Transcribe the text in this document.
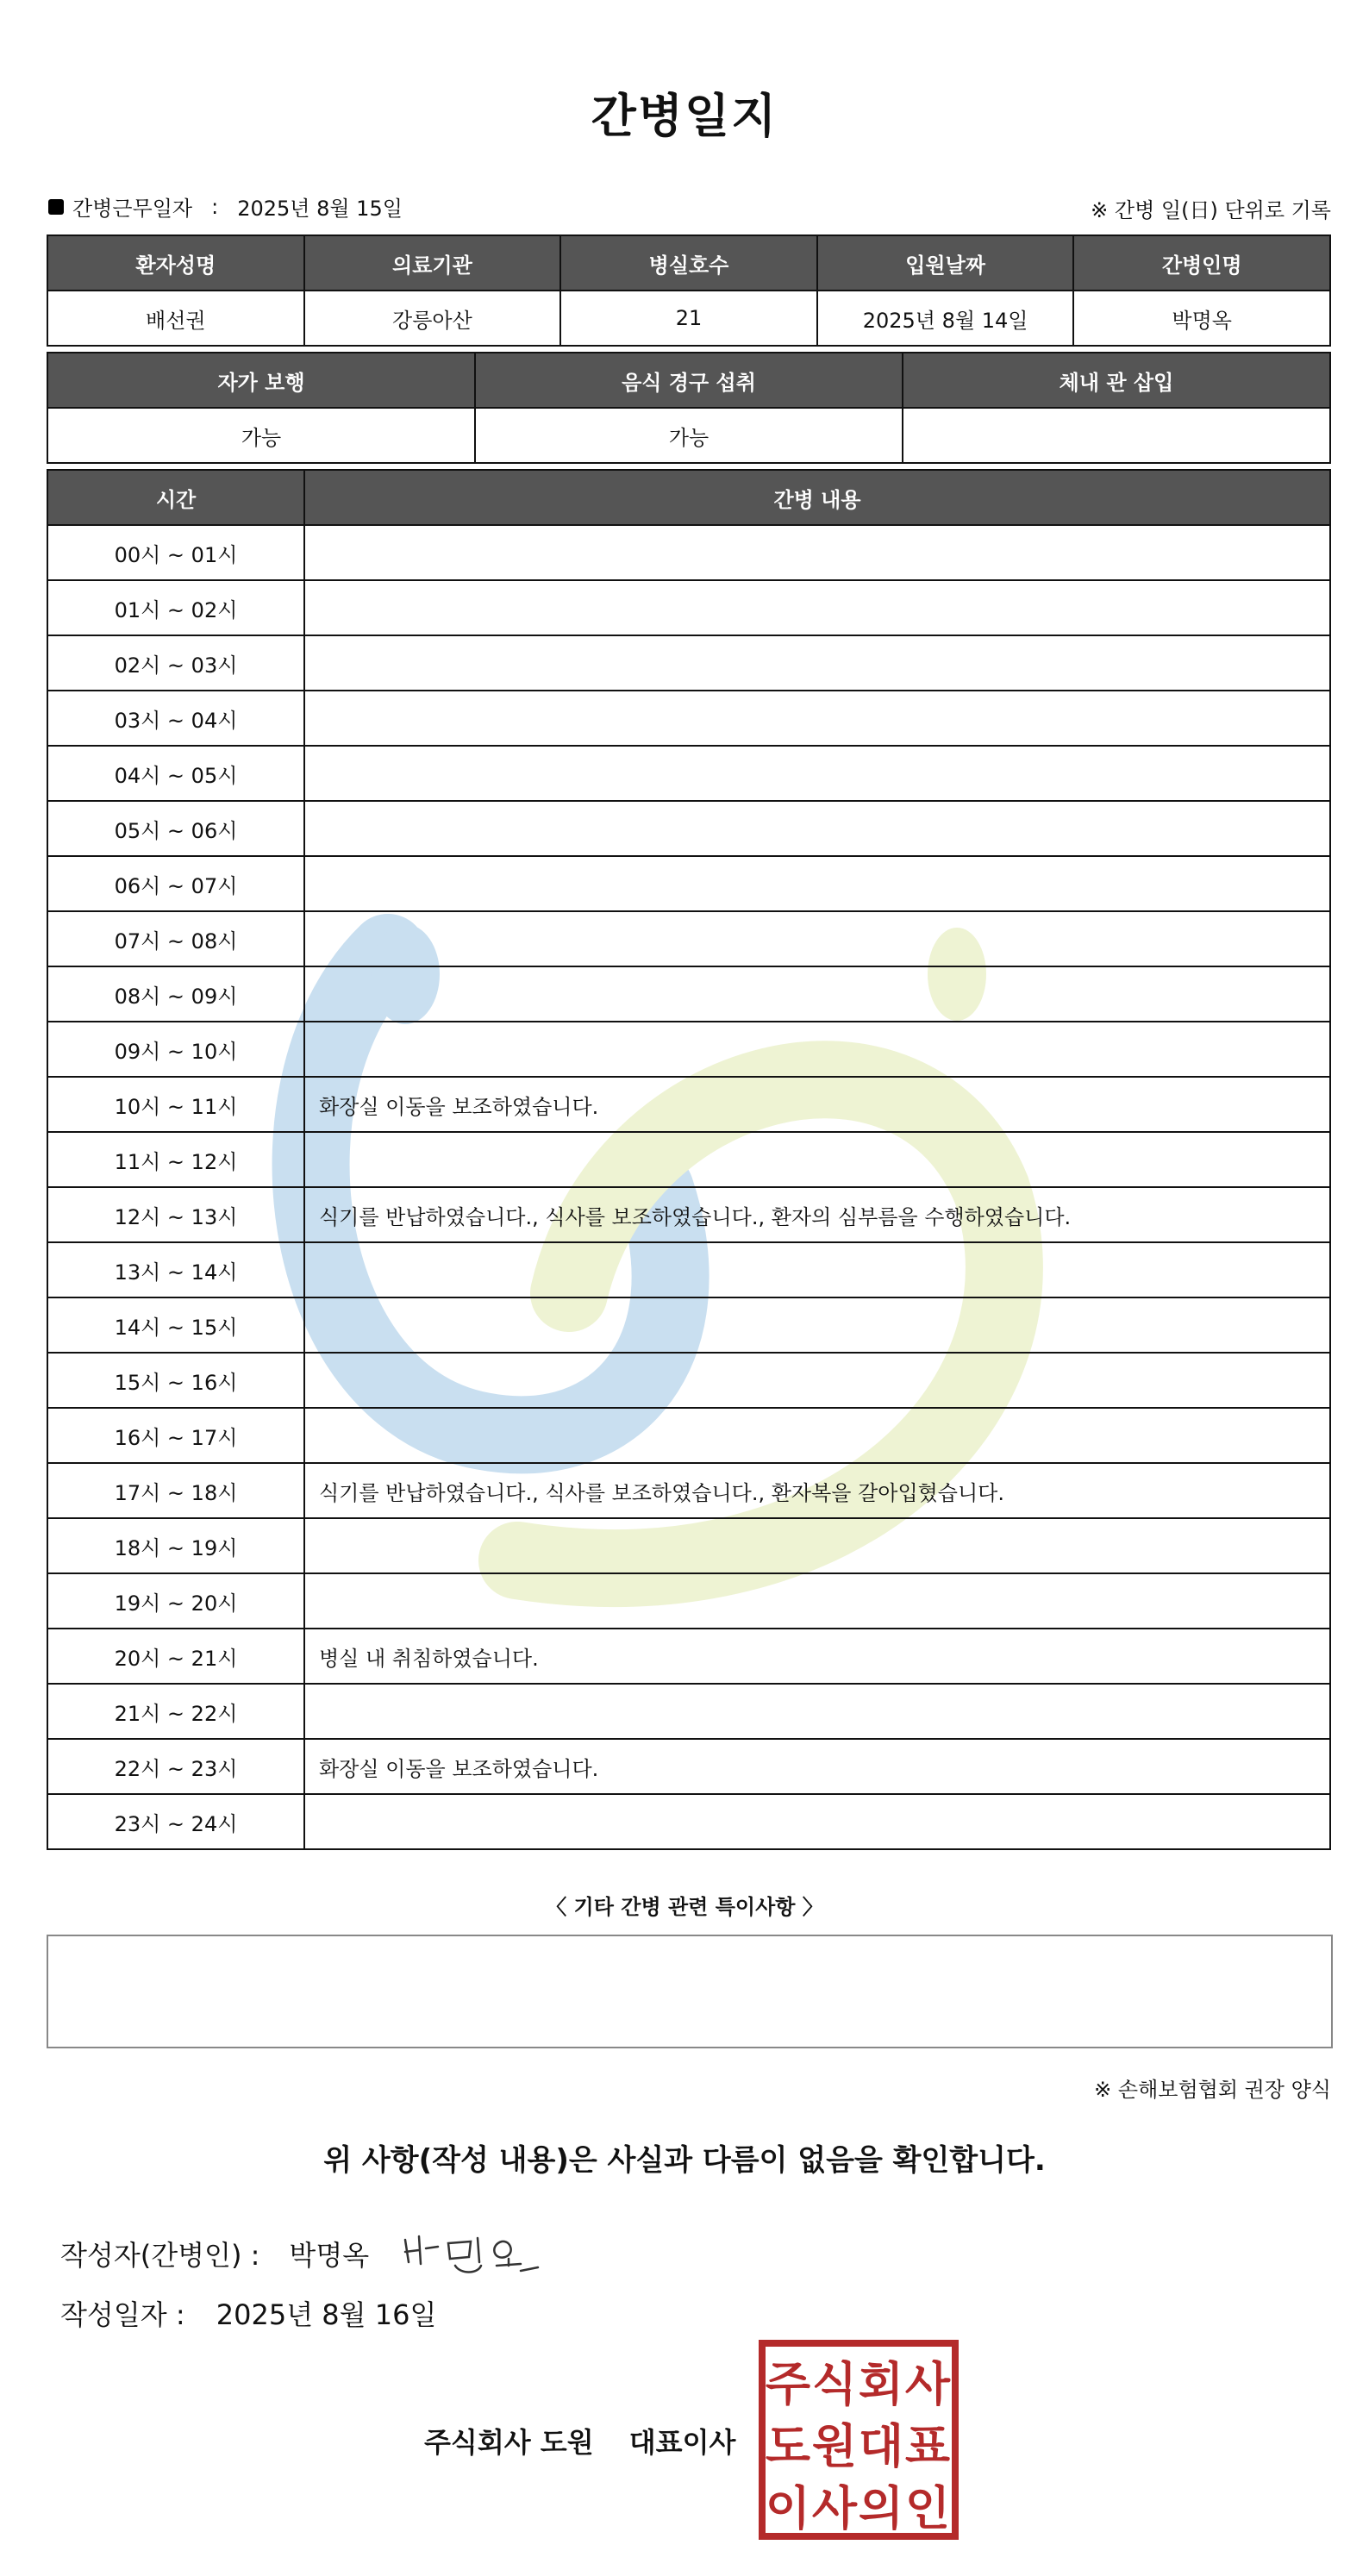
간병일지
간병근무일자 : 2025년 8월 15일	※ 간병 일(日) 단위로 기록
환자성명	의료기관	병실호수	입원날짜	간병인명
배선권	강릉아산	21	2025년 8월 14일	박명옥
자가 보행	음식 경구 섭취	체내 관 삽입
가능	가능	
시간	간병 내용
00시 ~ 01시	
01시 ~ 02시	
02시 ~ 03시	
03시 ~ 04시	
04시 ~ 05시	
05시 ~ 06시	
06시 ~ 07시	
07시 ~ 08시	
08시 ~ 09시	
09시 ~ 10시	
10시 ~ 11시	화장실 이동을 보조하였습니다.
11시 ~ 12시	
12시 ~ 13시	식기를 반납하였습니다., 식사를 보조하였습니다., 환자의 심부름을 수행하였습니다.
13시 ~ 14시	
14시 ~ 15시	
15시 ~ 16시	
16시 ~ 17시	
17시 ~ 18시	식기를 반납하였습니다., 식사를 보조하였습니다., 환자복을 갈아입혔습니다.
18시 ~ 19시	
19시 ~ 20시	
20시 ~ 21시	병실 내 취침하였습니다.
21시 ~ 22시	
22시 ~ 23시	화장실 이동을 보조하였습니다.
23시 ~ 24시	
〈 기타 간병 관련 특이사항 〉
※ 손해보험협회 권장 양식
위 사항(작성 내용)은 사실과 다름이 없음을 확인합니다.
작성자(간병인) : 박명옥
작성일자 : 2025년 8월 16일
주식회사 도원 대표이사
주 식 회 사
도 원 대 표
이 사 의 인
